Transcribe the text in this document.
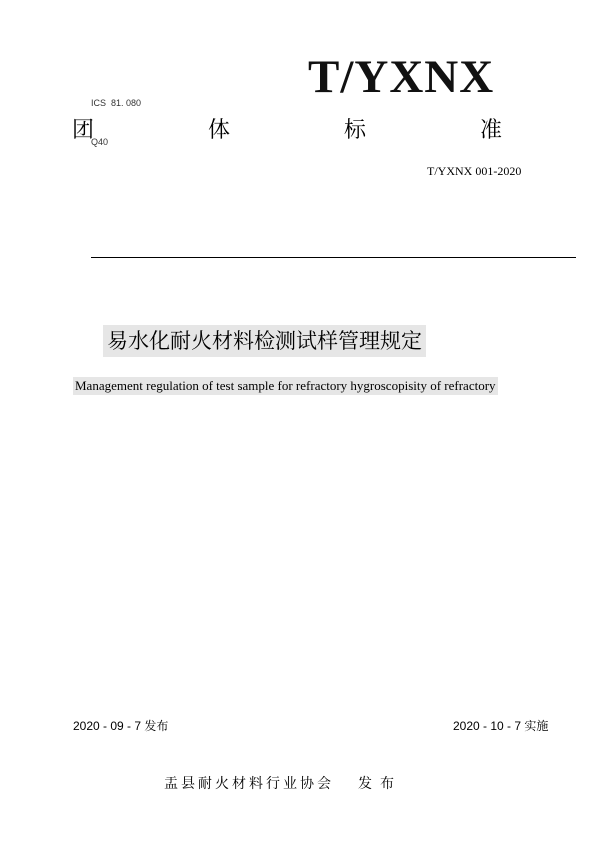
ICS  81. 080

Q40

T/YXNX
团	体	标	准
T/YXNX 001-2020
易水化耐火材料检测试样管理规定
Management regulation of test sample for refractory hygroscopisity of refractory
2020 - 09 - 7 发布	2020 - 10 - 7 实施
盂县耐火材料行业协会 发布
